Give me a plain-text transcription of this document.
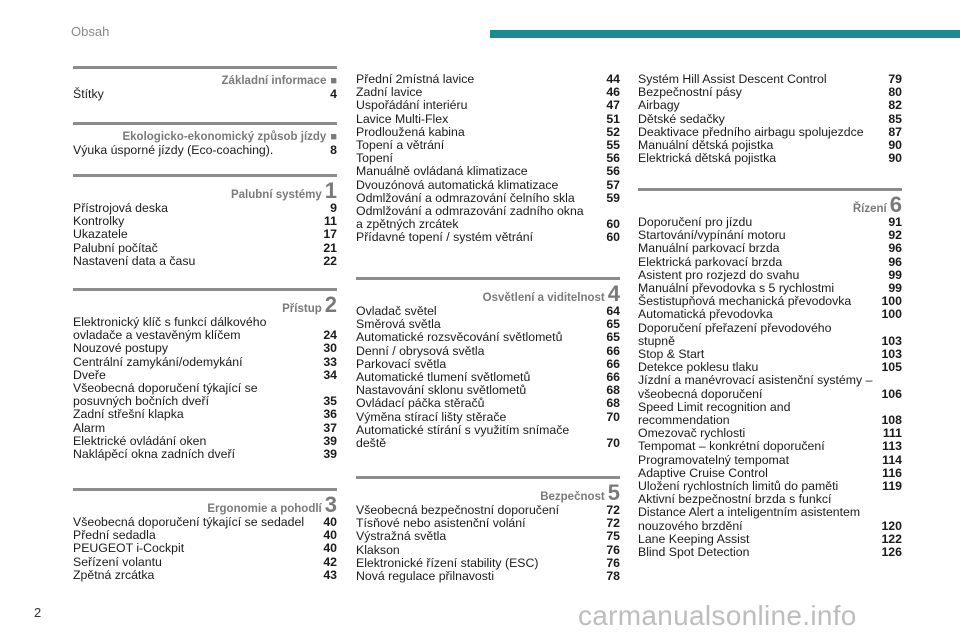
Obsah
Základní informace ■
Štítky	4
Ekologicko-ekonomický způsob jízdy ■
Výuka úsporné jízdy (Eco-coaching).	8
Palubní systémy 1
Přístrojová deska	9
Kontrolky	11
Ukazatele	17
Palubní počítač	21
Nastavení data a času	22
Přístup 2
Elektronický klíč s funkcí dálkového
ovladače a vestavěným klíčem	24
Nouzové postupy	30
Centrální zamykání/odemykání	33
Dveře	34
Všeobecná doporučení týkající se
posuvných bočních dveří	35
Zadní střešní klapka	36
Alarm	37
Elektrické ovládání oken	39
Naklápěcí okna zadních dveří	39
Ergonomie a pohodlí 3
Všeobecná doporučení týkající se sedadel 40
Přední sedadla	40
PEUGEOT i-Cockpit	40
Seřízení volantu	42
Zpětná zrcátka	43
Přední 2místná lavice	44
Zadní lavice	46
Uspořádání interiéru	47
Lavice Multi-Flex	51
Prodloužená kabina	52
Topení a větrání	55
Topení	56
Manuálně ovládaná klimatizace	56
Dvouzónová automatická klimatizace	57
Odmlžování a odmrazování čelního skla	59
Odmlžování a odmrazování zadního okna
a zpětných zrcátek	60
Přídavné topení / systém větrání	60
Osvětlení a viditelnost 4
Ovladač světel	64
Směrová světla	65
Automatické rozsvěcování světlometů	65
Denní / obrysová světla	66
Parkovací světla	66
Automatické tlumení světlometů	66
Nastavování sklonu světlometů	68
Ovládací páčka stěračů	68
Výměna stírací lišty stěrače	70
Automatické stírání s využitím snímače
deště	70
Bezpečnost 5
Všeobecná bezpečnostní doporučení	72
Tísňové nebo asistenční volání	72
Výstražná světla	75
Klakson	76
Elektronické řízení stability (ESC)	76
Nová regulace přilnavosti	78
Systém Hill Assist Descent Control	79
Bezpečnostní pásy	80
Airbagy	82
Dětské sedačky	85
Deaktivace předního airbagu spolujezdce 87
Manuální dětská pojistka	90
Elektrická dětská pojistka	90
Řízení 6
Doporučení pro jízdu	91
Startování/vypínání motoru	92
Manuální parkovací brzda	96
Elektrická parkovací brzda	96
Asistent pro rozjezd do svahu	99
Manuální převodovka s 5 rychlostmi	99
Šestistupňová mechanická převodovka 100
Automatická převodovka	100
Doporučení přeřazení převodového
stupně	103
Stop & Start	103
Detekce poklesu tlaku	105
Jízdní a manévrovací asistenční systémy –
všeobecná doporučení	106
Speed Limit recognition and
recommendation	108
Omezovač rychlosti	111
Tempomat – konkrétní doporučení	113
Programovatelný tempomat	114
Adaptive Cruise Control	116
Uložení rychlostních limitů do paměti	119
Aktivní bezpečnostní brzda s funkcí
Distance Alert a inteligentním asistentem
nouzového brzdění	120
Lane Keeping Assist	122
Blind Spot Detection	126
2	carmanualsonline.info
